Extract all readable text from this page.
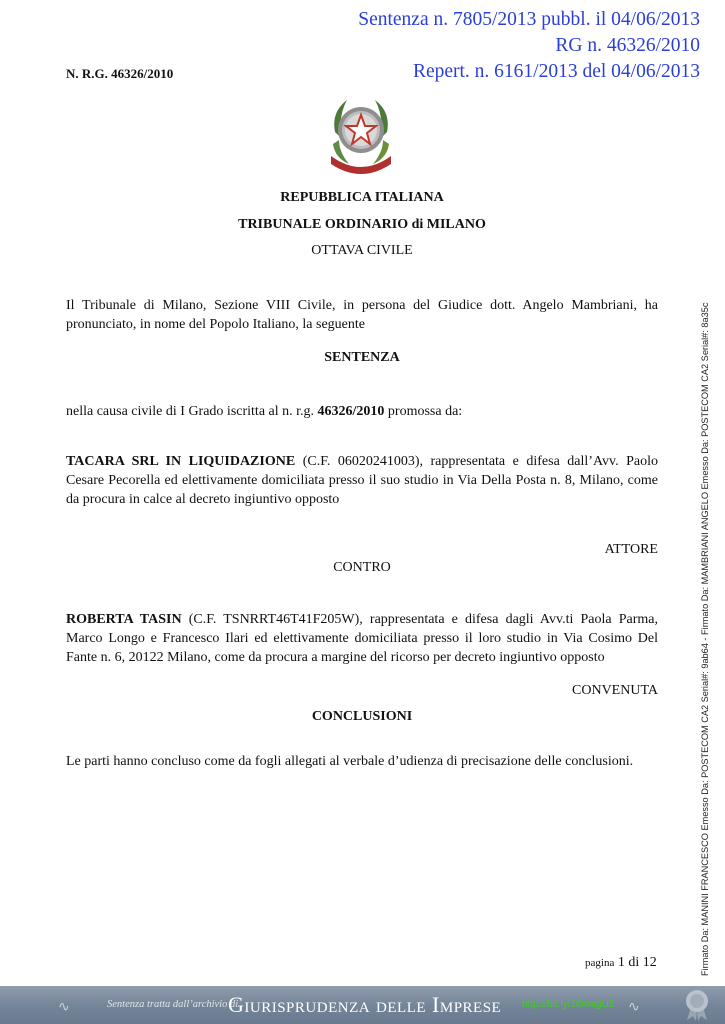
Sentenza n. 7805/2013 pubbl. il 04/06/2013
RG n. 46326/2010
Repert. n. 6161/2013 del 04/06/2013
N. R.G. 46326/2010
REPUBBLICA ITALIANA
TRIBUNALE ORDINARIO di MILANO
OTTAVA CIVILE
Il Tribunale di Milano, Sezione VIII Civile, in persona del Giudice dott. Angelo Mambriani, ha pronunciato, in nome del Popolo Italiano, la seguente
SENTENZA
nella causa civile di I Grado iscritta al n. r.g. 46326/2010 promossa da:
TACARA SRL IN LIQUIDAZIONE (C.F. 06020241003), rappresentata e difesa dall’Avv. Paolo Cesare Pecorella ed elettivamente domiciliata presso il suo studio in Via Della Posta n. 8, Milano, come da procura in calce al decreto ingiuntivo opposto
ATTORE
CONTRO
ROBERTA TASIN (C.F. TSNRRT46T41F205W), rappresentata e difesa dagli Avv.ti Paola Parma, Marco Longo e Francesco Ilari ed elettivamente domiciliata presso il loro studio in Via Cosimo Del Fante n. 6, 20122 Milano, come da procura a margine del ricorso per decreto ingiuntivo opposto
CONVENUTA
CONCLUSIONI
Le parti hanno concluso come da fogli allegati al verbale d’udienza di precisazione delle conclusioni.
pagina 1 di 12	Firmato Da: MANINI FRANCESCO Emesso Da: POSTECOM CA2 Serial#: 9ab64 - Firmato Da: MAMBRIANI ANGELO Emesso Da: POSTECOM CA2 Serial#: 8a35c
∿	Sentenza tratta dall’archivio di
Giurisprudenza delle Imprese http://bit.ly/1l0wsgU5 ∿
